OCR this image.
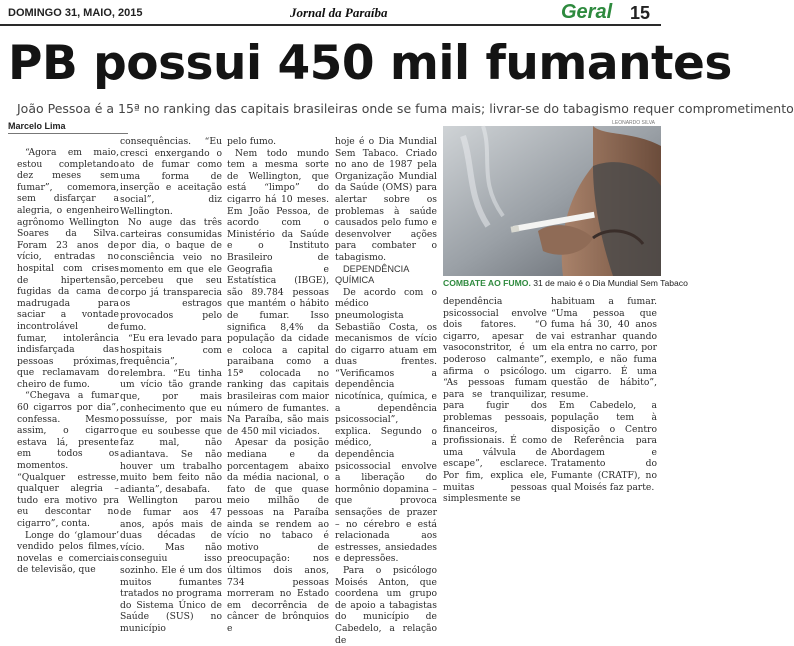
DOMINGO 31, MAIO, 2015	Jornal da Paraíba	Geral 15
PB possui 450 mil fumantes
João Pessoa é a 15ª no ranking das capitais brasileiras onde se fuma mais; livrar-se do tabagismo requer comprometimento
Marcelo Lima

“Agora em maio, estou completando dez meses sem fumar”, comemora, sem disfarçar a alegria, o engenheiro agrônomo Wellington Soares da Silva. Foram 23 anos de vício, entradas no hospital com crises de hipertensão, fugidas da cama de madrugada para saciar a vontade incontrolável de fumar, intolerância indisfarçada das pessoas próximas, que reclamavam do cheiro de fumo.

“Chegava a fumar 60 cigarros por dia”, confessa. Mesmo assim, o cigarro estava lá, presente em todos os momentos. “Qualquer estresse, qualquer alegria – tudo era motivo pra eu descontar no cigarro”, conta.

Longe do ‘glamour’ vendido pelos filmes, novelas e comerciais de televisão, que

consequências. “Eu cresci enxergando o ato de fumar como uma forma de inserção e aceitação social”, diz Wellington.

No auge das três carteiras consumidas por dia, o baque de consciência veio no momento em que ele percebeu que seu corpo já transparecia os estragos provocados pelo fumo.

“Eu era levado para hospitais com frequência”, relembra. “Eu tinha um vício tão grande que, por mais conhecimento que eu possuísse, por mais que eu soubesse que faz mal, não adiantava. Se não houver um trabalho muito bem feito não adianta”, desabafa.

Wellington parou de fumar aos 47 anos, após mais de duas décadas de vício. Mas não conseguiu isso sozinho. Ele é um dos muitos fumantes tratados no programa do Sistema Único de Saúde (SUS) no município

pelo fumo.

Nem todo mundo tem a mesma sorte de Wellington, que está “limpo” do cigarro há 10 meses. Em João Pessoa, de acordo com o Ministério da Saúde e o Instituto Brasileiro de Geografia e Estatística (IBGE), são 89.784 pessoas que mantém o hábito de fumar. Isso significa 8,4% da população da cidade e coloca a capital paraibana como a 15ª colocada no ranking das capitais brasileiras com maior número de fumantes. Na Paraíba, são mais de 450 mil viciados.

Apesar da posição mediana e da porcentagem abaixo da média nacional, o fato de que quase meio milhão de pessoas na Paraíba ainda se rendem ao vício no tabaco é motivo de preocupação: nos últimos dois anos, 734 pessoas morreram no Estado em decorrência de câncer de brônquios e

hoje é o Dia Mundial Sem Tabaco. Criado no ano de 1987 pela Organização Mundial da Saúde (OMS) para alertar sobre os problemas à saúde causados pelo fumo e desenvolver ações para combater o tabagismo.

DEPENDÊNCIA QUÍMICA

De acordo com o médico pneumologista Sebastião Costa, os mecanismos de vício do cigarro atuam em duas frentes. “Verificamos a dependência nicotínica, química, e a dependência psicossocial”, explica. Segundo o médico, a dependência psicossocial envolve a liberação do hormônio dopamina – que provoca sensações de prazer – no cérebro e está relacionada aos estresses, ansiedades e depressões.

Para o psicólogo Moisés Anton, que coordena um grupo de apoio a tabagistas do município de Cabedelo, a relação de

LEONARDO SILVA
COMBATE AO FUMO. 31 de maio é o Dia Mundial Sem Tabaco

dependência psicossocial envolve dois fatores. “O cigarro, apesar de vasoconstritor, é um poderoso calmante”, afirma o psicólogo. “As pessoas fumam para se tranquilizar, para fugir dos problemas pessoais, financeiros, profissionais. É como uma válvula de escape”, esclarece. Por fim, explica ele, muitas pessoas simplesmente se

habituam a fumar. “Uma pessoa que fuma há 30, 40 anos vai estranhar quando ela entra no carro, por exemplo, e não fuma um cigarro. É uma questão de hábito”, resume.

Em Cabedelo, a população tem à disposição o Centro de Referência para Abordagem e Tratamento do Fumante (CRATF), no qual Moisés faz parte.
